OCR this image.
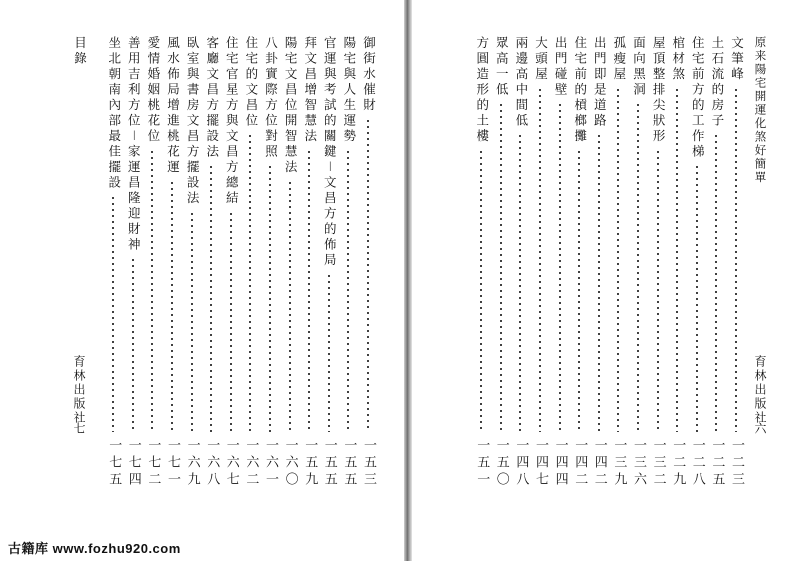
目錄
育林出版社
七
御街水催財
一五三
陽宅與人生運勢
一五五
官運與考試的關鍵－文昌方的佈局
一五五
拜文昌增智慧法
一五九
陽宅文昌位開智慧法
一六〇
八卦實際方位對照
一六一
住宅的文昌位
一六二
住宅官星方與文昌方總結
一六七
客廳文昌方擺設法
一六八
臥室與書房文昌方擺設法
一六九
風水佈局增進桃花運
一七一
愛情婚姻桃花位
一七二
善用吉利方位－家運昌隆迎財神
一七四
坐北朝南內部最佳擺設
一七五
原来陽宅開運化煞好簡單
育林出版社
六
文筆峰
一二三
土石流的房子
一二五
住宅前方的工作梯
一二八
棺材煞
一二九
屋頂整排尖狀形
一三二
面向黑洞
一三六
孤瘦屋
一三九
出門即是道路
一四二
住宅前的槓榔攤
一四二
出門碰壁
一四四
大頭屋
一四七
兩邊高中間低
一四八
眾高一低
一五〇
方圓造形的土樓
一五一
古籍库 www.fozhu920.com
